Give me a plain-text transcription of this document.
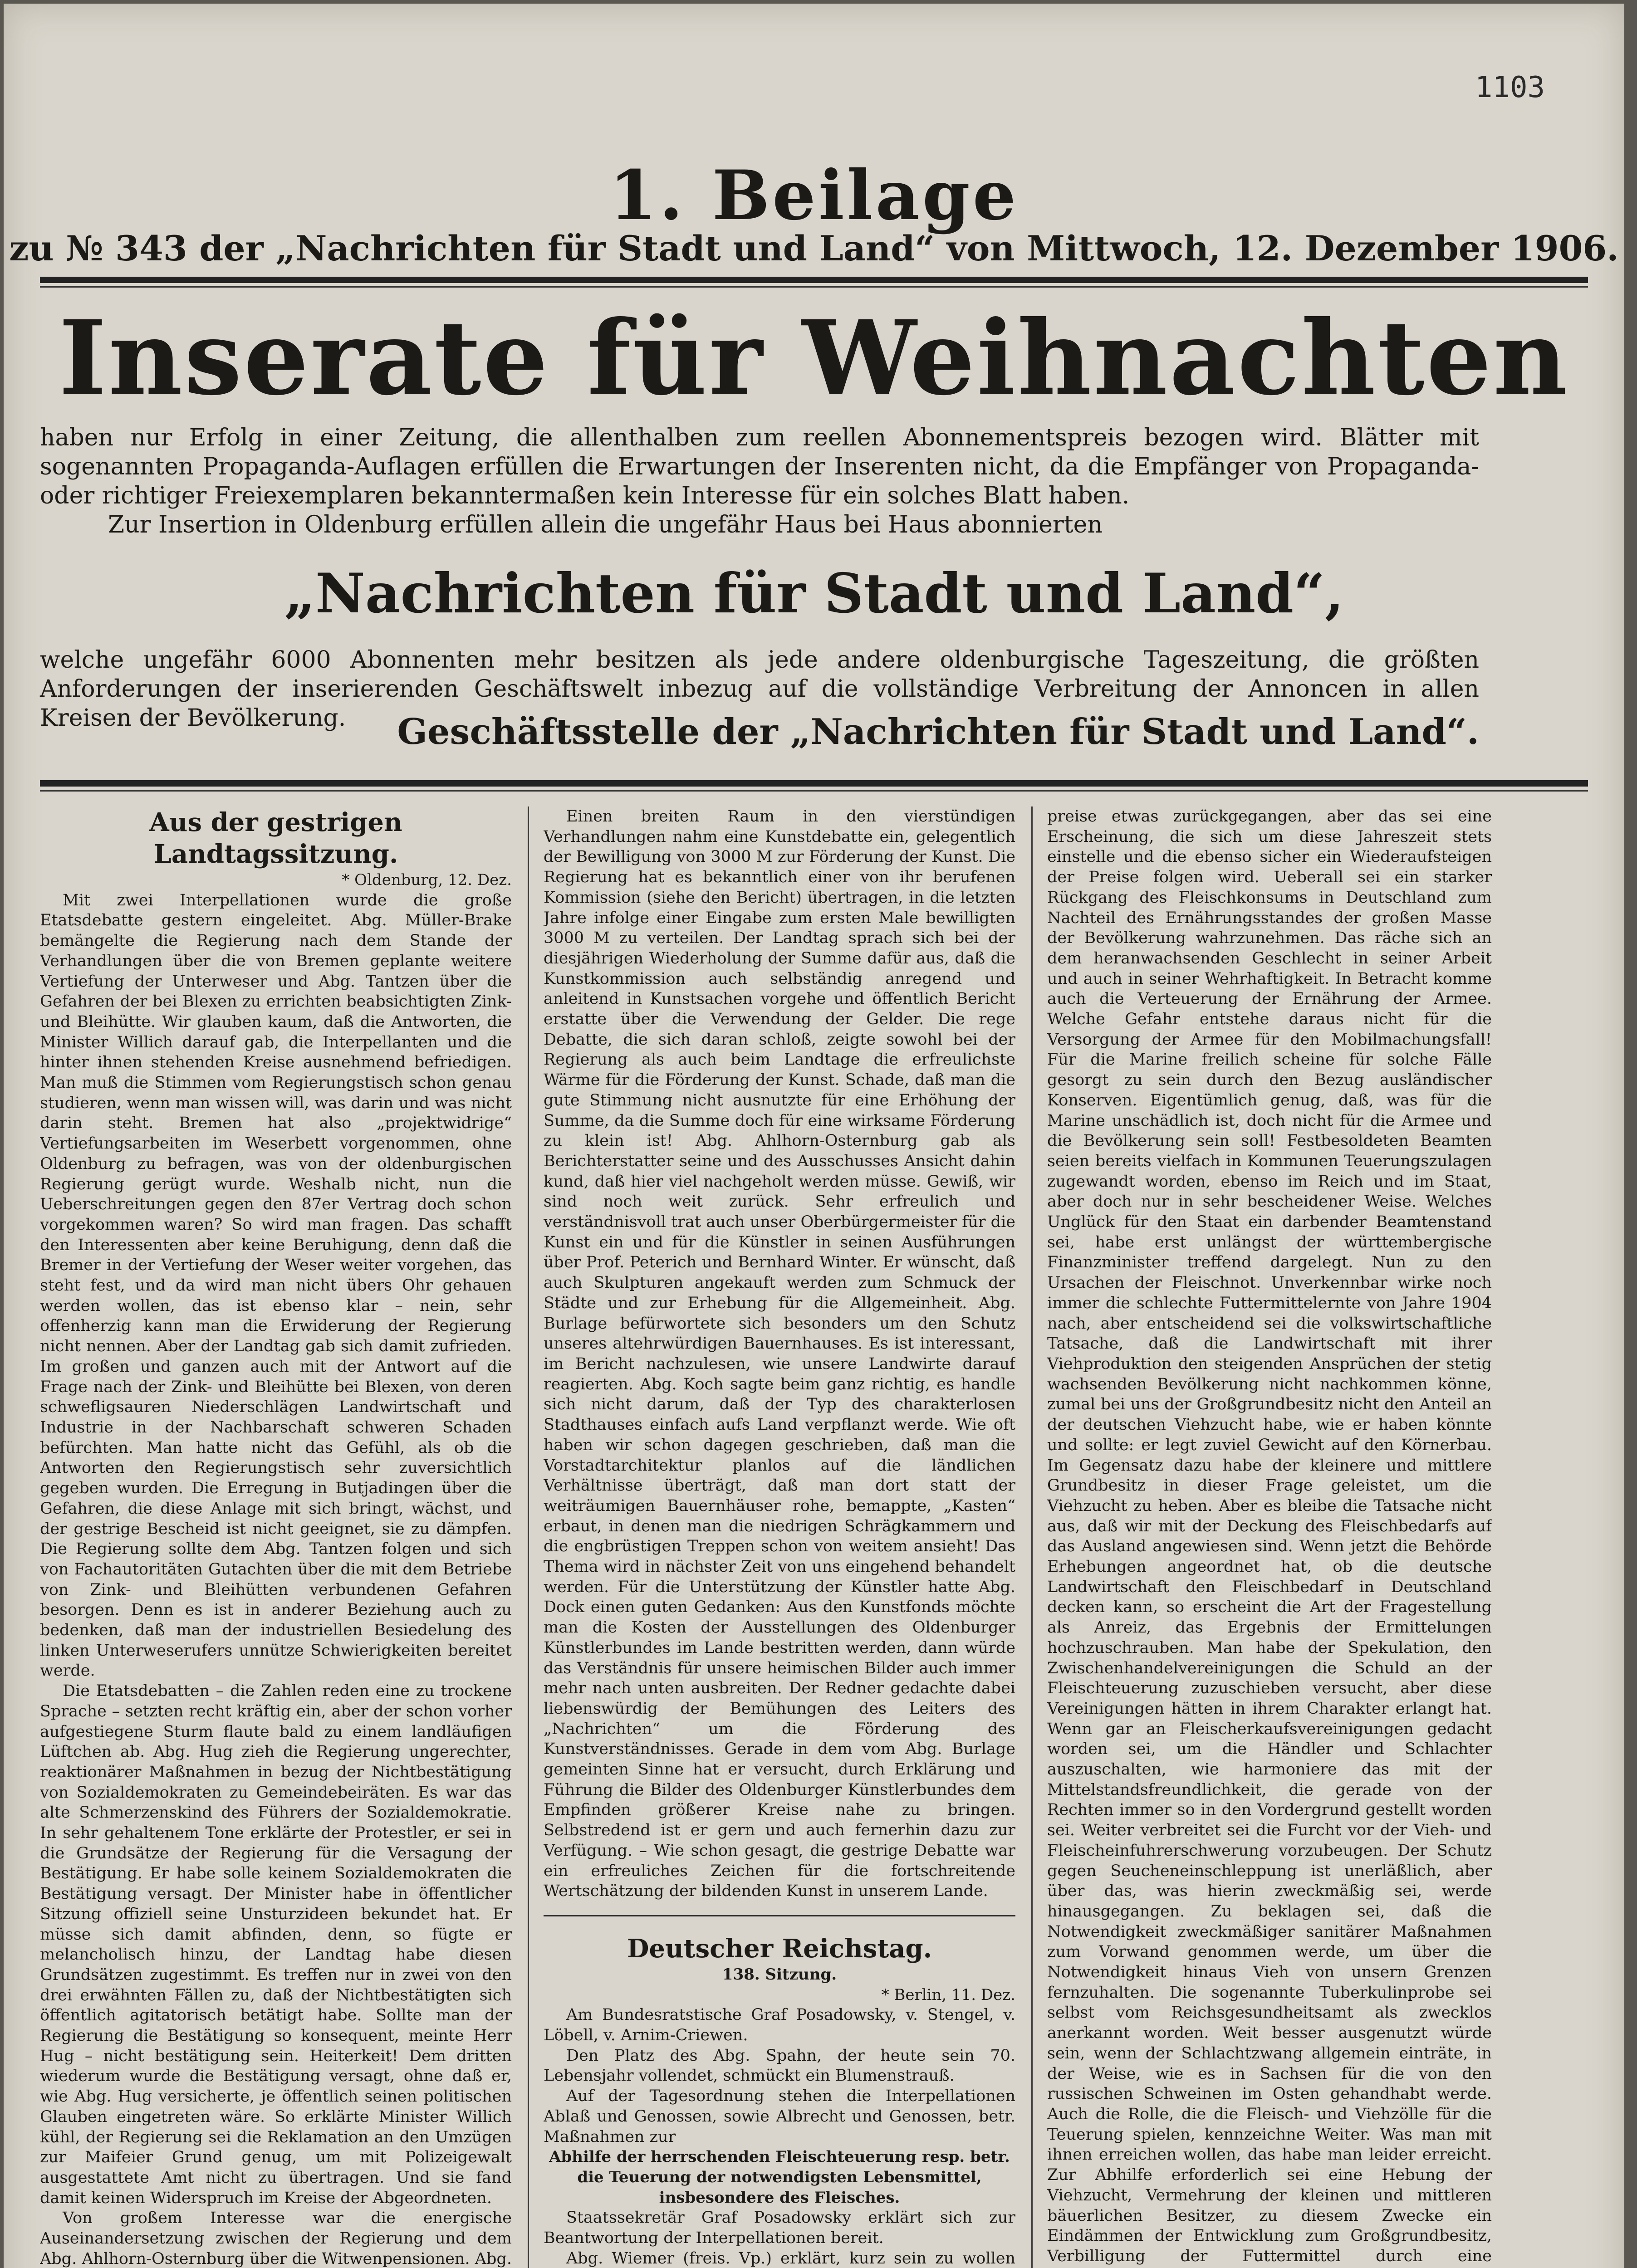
1103
1. Beilage
zu № 343 der „Nachrichten für Stadt und Land“ von Mittwoch, 12. Dezember 1906.
Inserate für Weihnachten
haben nur Erfolg in einer Zeitung, die allenthalben zum reellen Abonnementspreis bezogen wird. Blätter mit sogenannten Propaganda-Auflagen erfüllen die Erwartungen der Inserenten nicht, da die Empfänger von Propaganda- oder richtiger Freiexemplaren bekanntermaßen kein Interesse für ein solches Blatt haben.
Zur Insertion in Oldenburg erfüllen allein die ungefähr Haus bei Haus abonnierten
„Nachrichten für Stadt und Land“,
welche ungefähr 6000 Abonnenten mehr besitzen als jede andere oldenburgische Tageszeitung, die größten Anforderungen der inserierenden Geschäftswelt inbezug auf die vollständige Verbreitung der Annoncen in allen Kreisen der Bevölkerung.	Geschäftsstelle der „Nachrichten für Stadt und Land“.

Aus der gestrigen Landtagssitzung.

* Oldenburg, 12. Dez.

Mit zwei Interpellationen wurde die große Etatsdebatte gestern eingeleitet. Abg. Müller-Brake bemängelte die Regierung nach dem Stande der Verhandlungen über die von Bremen geplante weitere Vertiefung der Unterweser und Abg. Tantzen über die Gefahren der bei Blexen zu errichten beabsichtigten Zink- und Bleihütte. Wir glauben kaum, daß die Antworten, die Minister Willich darauf gab, die Interpellanten und die hinter ihnen stehenden Kreise ausnehmend befriedigen. Man muß die Stimmen vom Regierungstisch schon genau studieren, wenn man wissen will, was darin und was nicht darin steht. Bremen hat also „projektwidrige“ Vertiefungsarbeiten im Weserbett vorgenommen, ohne Oldenburg zu befragen, was von der oldenburgischen Regierung gerügt wurde. Weshalb nicht, nun die Ueberschreitungen gegen den 87er Vertrag doch schon vorgekommen waren? So wird man fragen. Das schafft den Interessenten aber keine Beruhigung, denn daß die Bremer in der Vertiefung der Weser weiter vorgehen, das steht fest, und da wird man nicht übers Ohr gehauen werden wollen, das ist ebenso klar – nein, sehr offenherzig kann man die Erwiderung der Regierung nicht nennen. Aber der Landtag gab sich damit zufrieden. Im großen und ganzen auch mit der Antwort auf die Frage nach der Zink- und Bleihütte bei Blexen, von deren schwefligsauren Niederschlägen Landwirtschaft und Industrie in der Nachbarschaft schweren Schaden befürchten. Man hatte nicht das Gefühl, als ob die Antworten den Regierungstisch sehr zuversichtlich gegeben wurden. Die Erregung in Butjadingen über die Gefahren, die diese Anlage mit sich bringt, wächst, und der gestrige Bescheid ist nicht geeignet, sie zu dämpfen. Die Regierung sollte dem Abg. Tantzen folgen und sich von Fachautoritäten Gutachten über die mit dem Betriebe von Zink- und Bleihütten verbundenen Gefahren besorgen. Denn es ist in anderer Beziehung auch zu bedenken, daß man der industriellen Besiedelung des linken Unterweserufers unnütze Schwierigkeiten bereitet werde.

Die Etatsdebatten – die Zahlen reden eine zu trockene Sprache – setzten recht kräftig ein, aber der schon vorher aufgestiegene Sturm flaute bald zu einem landläufigen Lüftchen ab. Abg. Hug zieh die Regierung ungerechter, reaktionärer Maßnahmen in bezug der Nichtbestätigung von Sozialdemokraten zu Gemeindebeiräten. Es war das alte Schmerzenskind des Führers der Sozialdemokratie. In sehr gehaltenem Tone erklärte der Protestler, er sei in die Grundsätze der Regierung für die Versagung der Bestätigung. Er habe solle keinem Sozialdemokraten die Bestätigung versagt. Der Minister habe in öffentlicher Sitzung offiziell seine Unsturzideen bekundet hat. Er müsse sich damit abfinden, denn, so fügte er melancholisch hinzu, der Landtag habe diesen Grundsätzen zugestimmt. Es treffen nur in zwei von den drei erwähnten Fällen zu, daß der Nichtbestätigten sich öffentlich agitatorisch betätigt habe. Sollte man der Regierung die Bestätigung so konsequent, meinte Herr Hug – nicht bestätigung sein. Heiterkeit! Dem dritten wiederum wurde die Bestätigung versagt, ohne daß er, wie Abg. Hug versicherte, je öffentlich seinen politischen Glauben eingetreten wäre. So erklärte Minister Willich kühl, der Regierung sei die Reklamation an den Umzügen zur Maifeier Grund genug, um mit Polizeigewalt ausgestattete Amt nicht zu übertragen. Und sie fand damit keinen Widerspruch im Kreise der Abgeordneten.

Von großem Interesse war die energische Auseinandersetzung zwischen der Regierung und dem Abg. Ahlhorn-Osternburg über die Witwenpensionen. Abg.

Einen breiten Raum in den vierstündigen Verhandlungen nahm eine Kunstdebatte ein, gelegentlich der Bewilligung von 3000 M zur Förderung der Kunst. Die Regierung hat es bekanntlich einer von ihr berufenen Kommission (siehe den Bericht) übertragen, in die letzten Jahre infolge einer Eingabe zum ersten Male bewilligten 3000 M zu verteilen. Der Landtag sprach sich bei der diesjährigen Wiederholung der Summe dafür aus, daß die Kunstkommission auch selbständig anregend und anleitend in Kunstsachen vorgehe und öffentlich Bericht erstatte über die Verwendung der Gelder. Die rege Debatte, die sich daran schloß, zeigte sowohl bei der Regierung als auch beim Landtage die erfreulichste Wärme für die Förderung der Kunst. Schade, daß man die gute Stimmung nicht ausnutzte für eine Erhöhung der Summe, da die Summe doch für eine wirksame Förderung zu klein ist! Abg. Ahlhorn-Osternburg gab als Berichterstatter seine und des Ausschusses Ansicht dahin kund, daß hier viel nachgeholt werden müsse. Gewiß, wir sind noch weit zurück. Sehr erfreulich und verständnisvoll trat auch unser Oberbürgermeister für die Kunst ein und für die Künstler in seinen Ausführungen über Prof. Peterich und Bernhard Winter. Er wünscht, daß auch Skulpturen angekauft werden zum Schmuck der Städte und zur Erhebung für die Allgemeinheit. Abg. Burlage befürwortete sich besonders um den Schutz unseres altehrwürdigen Bauernhauses. Es ist interessant, im Bericht nachzulesen, wie unsere Landwirte darauf reagierten. Abg. Koch sagte beim ganz richtig, es handle sich nicht darum, daß der Typ des charakterlosen Stadthauses einfach aufs Land verpflanzt werde. Wie oft haben wir schon dagegen geschrieben, daß man die Vorstadtarchitektur planlos auf die ländlichen Verhältnisse überträgt, daß man dort statt der weiträumigen Bauernhäuser rohe, bemappte, „Kasten“ erbaut, in denen man die niedrigen Schrägkammern und die engbrüstigen Treppen schon von weitem ansieht! Das Thema wird in nächster Zeit von uns eingehend behandelt werden. Für die Unterstützung der Künstler hatte Abg. Dock einen guten Gedanken: Aus den Kunstfonds möchte man die Kosten der Ausstellungen des Oldenburger Künstlerbundes im Lande bestritten werden, dann würde das Verständnis für unsere heimischen Bilder auch immer mehr nach unten ausbreiten. Der Redner gedachte dabei liebenswürdig der Bemühungen des Leiters des „Nachrichten“ um die Förderung des Kunstverständnisses. Gerade in dem vom Abg. Burlage gemeinten Sinne hat er versucht, durch Erklärung und Führung die Bilder des Oldenburger Künstlerbundes dem Empfinden größerer Kreise nahe zu bringen. Selbstredend ist er gern und auch fernerhin dazu zur Verfügung. – Wie schon gesagt, die gestrige Debatte war ein erfreuliches Zeichen für die fortschreitende Wertschätzung der bildenden Kunst in unserem Lande.

Deutscher Reichstag.

138. Sitzung.

* Berlin, 11. Dez.

Am Bundesratstische Graf Posadowsky, v. Stengel, v. Löbell, v. Arnim-Criewen.

Den Platz des Abg. Spahn, der heute sein 70. Lebensjahr vollendet, schmückt ein Blumenstrauß.

Auf der Tagesordnung stehen die Interpellationen Ablaß und Genossen, sowie Albrecht und Genossen, betr. Maßnahmen zur

Abhilfe der herrschenden Fleischteuerung resp. betr. die Teuerung der notwendigsten Lebensmittel, insbesondere des Fleisches.

Staatssekretär Graf Posadowsky erklärt sich zur Beantwortung der Interpellationen bereit.

Abg. Wiemer (freis. Vp.) erklärt, kurz sein zu wollen

preise etwas zurückgegangen, aber das sei eine Erscheinung, die sich um diese Jahreszeit stets einstelle und die ebenso sicher ein Wiederaufsteigen der Preise folgen wird. Ueberall sei ein starker Rückgang des Fleischkonsums in Deutschland zum Nachteil des Ernährungsstandes der großen Masse der Bevölkerung wahrzunehmen. Das räche sich an dem heranwachsenden Geschlecht in seiner Arbeit und auch in seiner Wehrhaftigkeit. In Betracht komme auch die Verteuerung der Ernährung der Armee. Welche Gefahr entstehe daraus nicht für die Versorgung der Armee für den Mobilmachungsfall! Für die Marine freilich scheine für solche Fälle gesorgt zu sein durch den Bezug ausländischer Konserven. Eigentümlich genug, daß, was für die Marine unschädlich ist, doch nicht für die Armee und die Bevölkerung sein soll! Festbesoldeten Beamten seien bereits vielfach in Kommunen Teuerungszulagen zugewandt worden, ebenso im Reich und im Staat, aber doch nur in sehr bescheidener Weise. Welches Unglück für den Staat ein darbender Beamtenstand sei, habe erst unlängst der württembergische Finanzminister treffend dargelegt. Nun zu den Ursachen der Fleischnot. Unverkennbar wirke noch immer die schlechte Futtermittelernte von Jahre 1904 nach, aber entscheidend sei die volkswirtschaftliche Tatsache, daß die Landwirtschaft mit ihrer Viehproduktion den steigenden Ansprüchen der stetig wachsenden Bevölkerung nicht nachkommen könne, zumal bei uns der Großgrundbesitz nicht den Anteil an der deutschen Viehzucht habe, wie er haben könnte und sollte: er legt zuviel Gewicht auf den Körnerbau. Im Gegensatz dazu habe der kleinere und mittlere Grundbesitz in dieser Frage geleistet, um die Viehzucht zu heben. Aber es bleibe die Tatsache nicht aus, daß wir mit der Deckung des Fleischbedarfs auf das Ausland angewiesen sind. Wenn jetzt die Behörde Erhebungen angeordnet hat, ob die deutsche Landwirtschaft den Fleischbedarf in Deutschland decken kann, so erscheint die Art der Fragestellung als Anreiz, das Ergebnis der Ermittelungen hochzuschrauben. Man habe der Spekulation, den Zwischenhandelvereinigungen die Schuld an der Fleischteuerung zuzuschieben versucht, aber diese Vereinigungen hätten in ihrem Charakter erlangt hat. Wenn gar an Fleischerkaufsvereinigungen gedacht worden sei, um die Händler und Schlachter auszuschalten, wie harmoniere das mit der Mittelstandsfreundlichkeit, die gerade von der Rechten immer so in den Vordergrund gestellt worden sei. Weiter verbreitet sei die Furcht vor der Vieh- und Fleischeinfuhrerschwerung vorzubeugen. Der Schutz gegen Seucheneinschleppung ist unerläßlich, aber über das, was hierin zweckmäßig sei, werde hinausgegangen. Zu beklagen sei, daß die Notwendigkeit zweckmäßiger sanitärer Maßnahmen zum Vorwand genommen werde, um über die Notwendigkeit hinaus Vieh von unsern Grenzen fernzuhalten. Die sogenannte Tuberkulinprobe sei selbst vom Reichsgesundheitsamt als zwecklos anerkannt worden. Weit besser ausgenutzt würde sein, wenn der Schlachtzwang allgemein einträte, in der Weise, wie es in Sachsen für die von den russischen Schweinen im Osten gehandhabt werde. Auch die Rolle, die die Fleisch- und Viehzölle für die Teuerung spielen, kennzeichne Weiter. Was man mit ihnen erreichen wollen, das habe man leider erreicht. Zur Abhilfe erforderlich sei eine Hebung der Viehzucht, Vermehrung der kleinen und mittleren bäuerlichen Besitzer, zu diesem Zwecke ein Eindämmen der Entwicklung zum Großgrundbesitz, Verbilligung der Futtermittel durch eine
